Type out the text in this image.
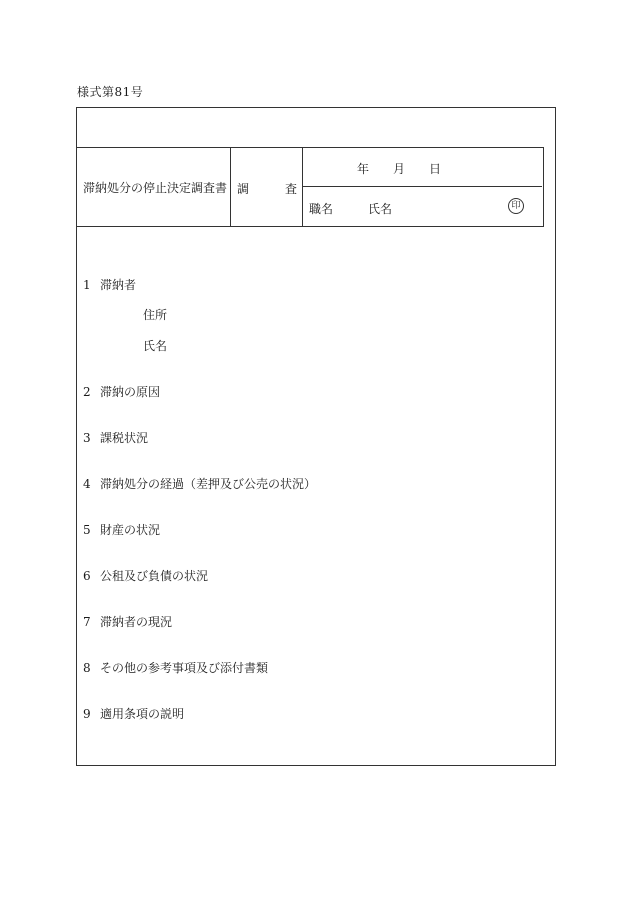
様式第81号
滞納処分の停止決定調査書 調	査
年 月 日
職名	氏名	印
1 滞納者
住所
氏名
2 滞納の原因
3 課税状況
4 滞納処分の経過（差押及び公売の状況）
5 財産の状況
6 公租及び負債の状況
7 滞納者の現況
8 その他の参考事項及び添付書類
9 適用条項の説明
